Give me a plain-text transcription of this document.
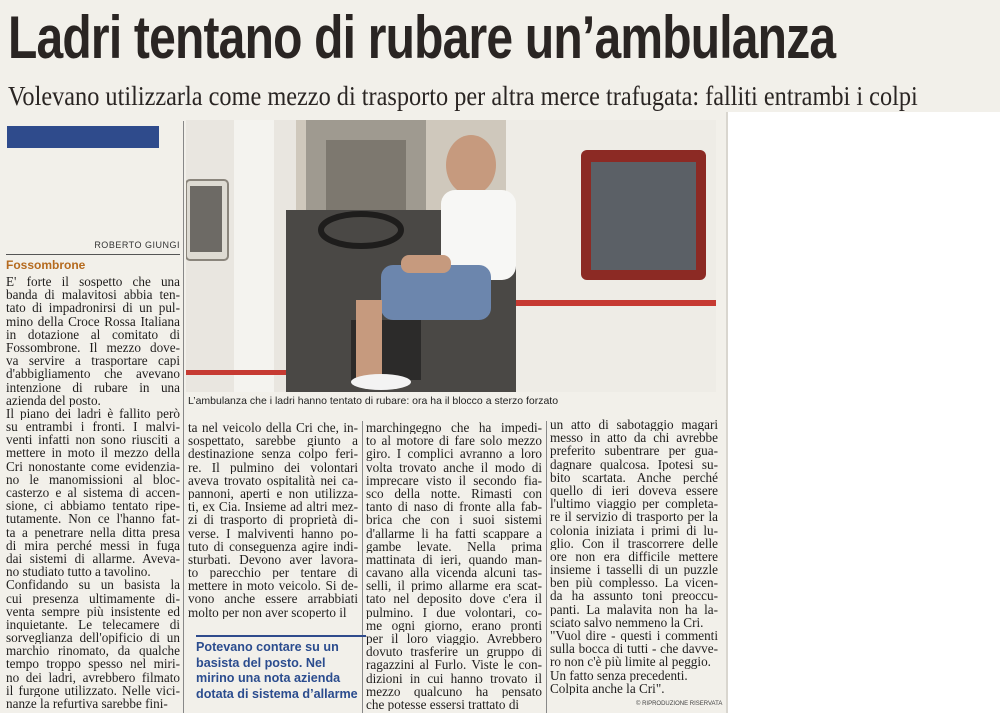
Ladri tentano di rubare un’ambulanza
Volevano utilizzarla come mezzo di trasporto per altra merce trafugata: falliti entrambi i colpi
ROBERTO GIUNGI
Fossombrone
E' forte il sospetto che una
banda di malavitosi abbia ten-
tato di impadronirsi di un pul-
mino della Croce Rossa Italiana
in dotazione al comitato di
Fossombrone. Il mezzo dove-
va servire a trasportare capi
d'abbigliamento che avevano
intenzione di rubare in una
azienda del posto.
Il piano dei ladri è fallito però
su entrambi i fronti. I malvi-
venti infatti non sono riusciti a
mettere in moto il mezzo della
Cri nonostante come evidenzia-
no le manomissioni al bloc-
casterzo e al sistema di accen-
sione, ci abbiamo tentato ripe-
tutamente. Non ce l'hanno fat-
ta a penetrare nella ditta presa
di mira perché messi in fuga
dai sistemi di allarme. Aveva-
no studiato tutto a tavolino.
Confidando su un basista la
cui presenza ultimamente di-
venta sempre più insistente ed
inquietante. Le telecamere di
sorveglianza dell'opificio di un
marchio rinomato, da qualche
tempo troppo spesso nel miri-
no dei ladri, avrebbero filmato
il furgone utilizzato. Nelle vici-
nanze la refurtiva sarebbe fini-
L’ambulanza che i ladri hanno tentato di rubare: ora ha il blocco a sterzo forzato
ta nel veicolo della Cri che, in-
sospettato, sarebbe giunto a
destinazione senza colpo feri-
re. Il pulmino dei volontari
aveva trovato ospitalità nei ca-
pannoni, aperti e non utilizza-
ti, ex Cia. Insieme ad altri mez-
zi di trasporto di proprietà di-
verse. I malviventi hanno po-
tuto di conseguenza agire indi-
sturbati. Devono aver lavora-
to parecchio per tentare di
mettere in moto veicolo. Si de-
vono anche essere arrabbiati
molto per non aver scoperto il
Potevano contare su un basista del posto. Nel mirino una nota azienda dotata di sistema d’allarme
marchingegno che ha impedi-
to al motore di fare solo mezzo
giro. I complici avranno a loro
volta trovato anche il modo di
imprecare visto il secondo fia-
sco della notte. Rimasti con
tanto di naso di fronte alla fab-
brica che con i suoi sistemi
d'allarme li ha fatti scappare a
gambe levate. Nella prima
mattinata di ieri, quando man-
cavano alla vicenda alcuni tas-
selli, il primo allarme era scat-
tato nel deposito dove c'era il
pulmino. I due volontari, co-
me ogni giorno, erano pronti
per il loro viaggio. Avrebbero
dovuto trasferire un gruppo di
ragazzini al Furlo. Viste le con-
dizioni in cui hanno trovato il
mezzo qualcuno ha pensato
che potesse essersi trattato di
un atto di sabotaggio magari
messo in atto da chi avrebbe
preferito subentrare per gua-
dagnare qualcosa. Ipotesi su-
bito scartata. Anche perché
quello di ieri doveva essere
l'ultimo viaggio per completa-
re il servizio di trasporto per la
colonia iniziata i primi di lu-
glio. Con il trascorrere delle
ore non era difficile mettere
insieme i tasselli di un puzzle
ben più complesso. La vicen-
da ha assunto toni preoccu-
panti. La malavita non ha la-
sciato salvo nemmeno la Cri.
"Vuol dire - questi i commenti
sulla bocca di tutti - che davve-
ro non c'è più limite al peggio.
Un fatto senza precedenti.
Colpita anche la Cri".
© RIPRODUZIONE RISERVATA
